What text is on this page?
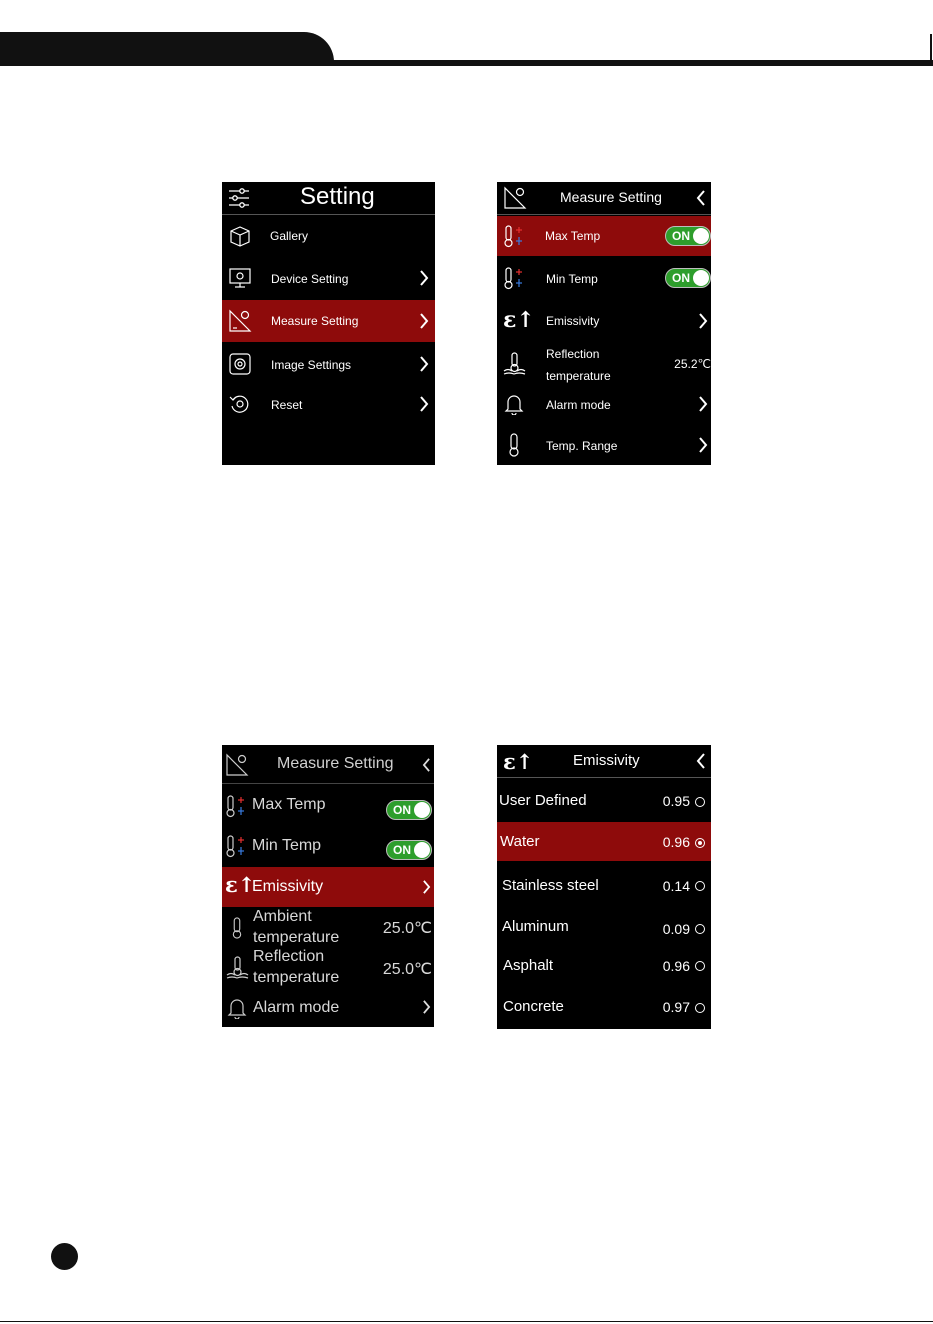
Setting
Gallery
Device Setting
Measure Setting
Image Settings
Reset
Measure Setting
Max Temp	ON
Min Temp	ON
ε↑ Emissivity
Reflection
temperature
25.2℃
Alarm mode
Temp. Range
Measure Setting
Max Temp	ON
Min Temp	ON
ε↑
Emissivity
Ambient
temperature
25.0℃
Reflection
temperature	25.0℃
Alarm mode
ε↑	Emissivity
User Defined	0.95
Water	0.96
Stainless steel	0.14
Aluminum	0.09
Asphalt	0.96
Concrete	0.97
